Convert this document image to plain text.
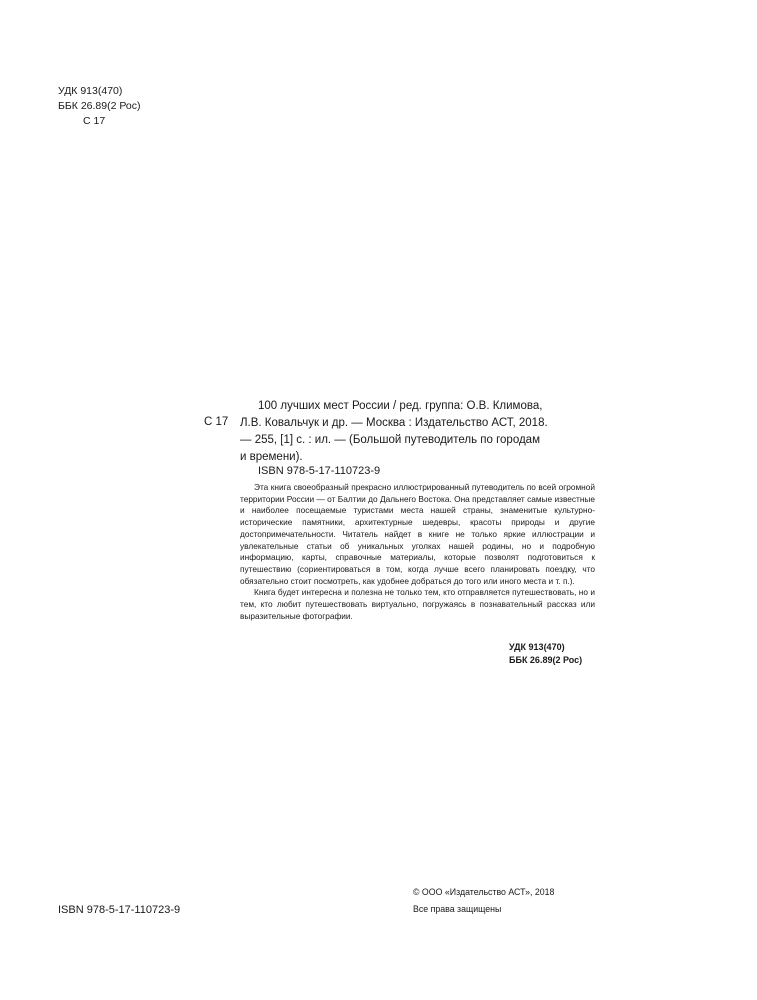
УДК 913(470)
ББК 26.89(2 Рос)
С 17
С 17
100 лучших мест России / ред. группа: О.В. Климова,
Л.В. Ковальчук и др. — Москва : Издательство АСТ, 2018.
— 255, [1] с. : ил. — (Большой путеводитель по городам
и времени).
ISBN 978-5-17-110723-9

Эта книга своеобразный прекрасно иллюстрированный путеводитель по всей огромной территории России — от Балтии до Дальнего Востока. Она представляет самые известные и наиболее посещаемые туристами места нашей страны, знаменитые культурно-исторические памятники, архитектурные шедевры, красоты природы и другие достопримечательности. Читатель найдет в книге не только яркие иллюстрации и увлекательные статьи об уникальных уголках нашей родины, но и подробную информацию, карты, справочные материалы, которые позволят подготовиться к путешествию (сориентироваться в том, когда лучше всего планировать поездку, что обязательно стоит посмотреть, как удобнее добраться до того или иного места и т. п.).

Книга будет интересна и полезна не только тем, кто отправляется путешествовать, но и тем, кто любит путешествовать виртуально, погружаясь в познавательный рассказ или выразительные фотографии.

УДК 913(470)
ББК 26.89(2 Рос)
ISBN 978-5-17-110723-9
© ООО «Издательство АСТ», 2018
Все права защищены
